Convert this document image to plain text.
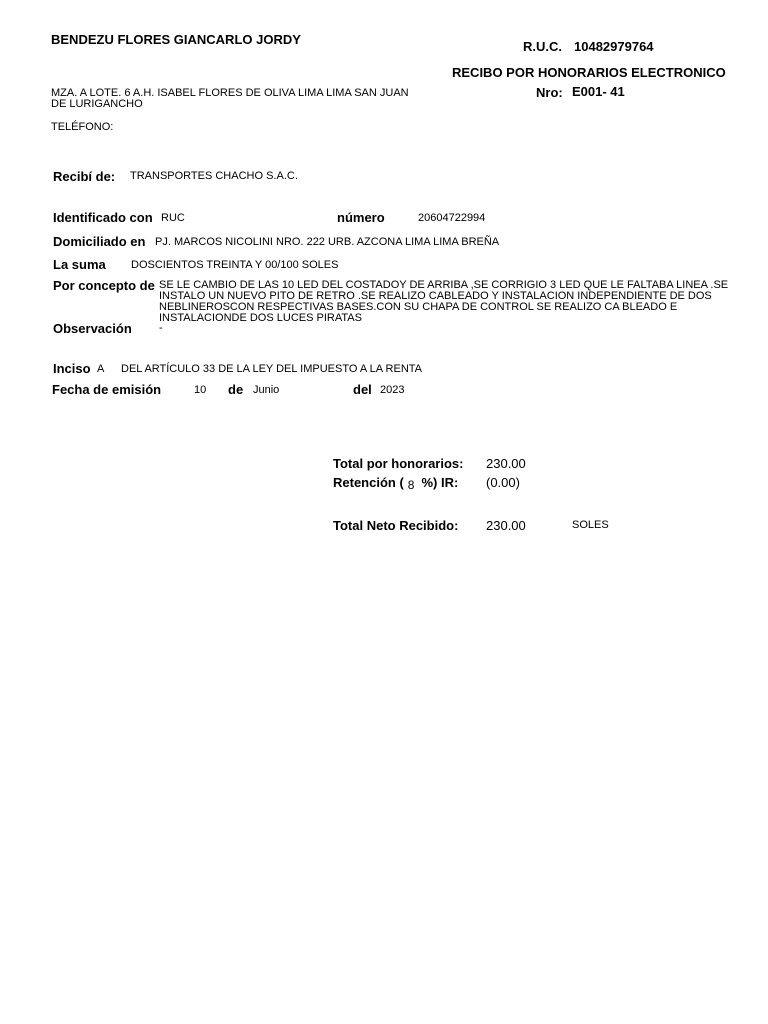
BENDEZU FLORES GIANCARLO JORDY	R.U.C. 10482979764
RECIBO POR HONORARIOS ELECTRONICO
Nro: E001- 41
MZA. A LOTE. 6 A.H. ISABEL FLORES DE OLIVA LIMA LIMA SAN JUAN DE LURIGANCHO
TELÉFONO:
Recibí de: TRANSPORTES CHACHO S.A.C.
Identificado con RUC	número	20604722994
Domiciliado en PJ. MARCOS NICOLINI NRO. 222 URB. AZCONA LIMA LIMA BREÑA
La suma DOSCIENTOS TREINTA Y 00/100 SOLES
Por concepto de SE LE CAMBIO DE LAS 10 LED DEL COSTADOY DE ARRIBA ,SE CORRIGIO 3 LED QUE LE FALTABA LINEA .SE
INSTALO UN NUEVO PITO DE RETRO .SE REALIZO CABLEADO Y INSTALACION INDEPENDIENTE DE DOS
NEBLINEROSCON RESPECTIVAS BASES.CON SU CHAPA DE CONTROL SE REALIZO CA BLEADO E
INSTALACIONDE DOS LUCES PIRATAS
Observación -
Inciso A DEL ARTÍCULO 33 DE LA LEY DEL IMPUESTO A LA RENTA
Fecha de emisión	10 de Junio	del 2023
Total por honorarios: 230.00
Retención ( 8 %) IR: (0.00)
Total Neto Recibido: 230.00	SOLES
